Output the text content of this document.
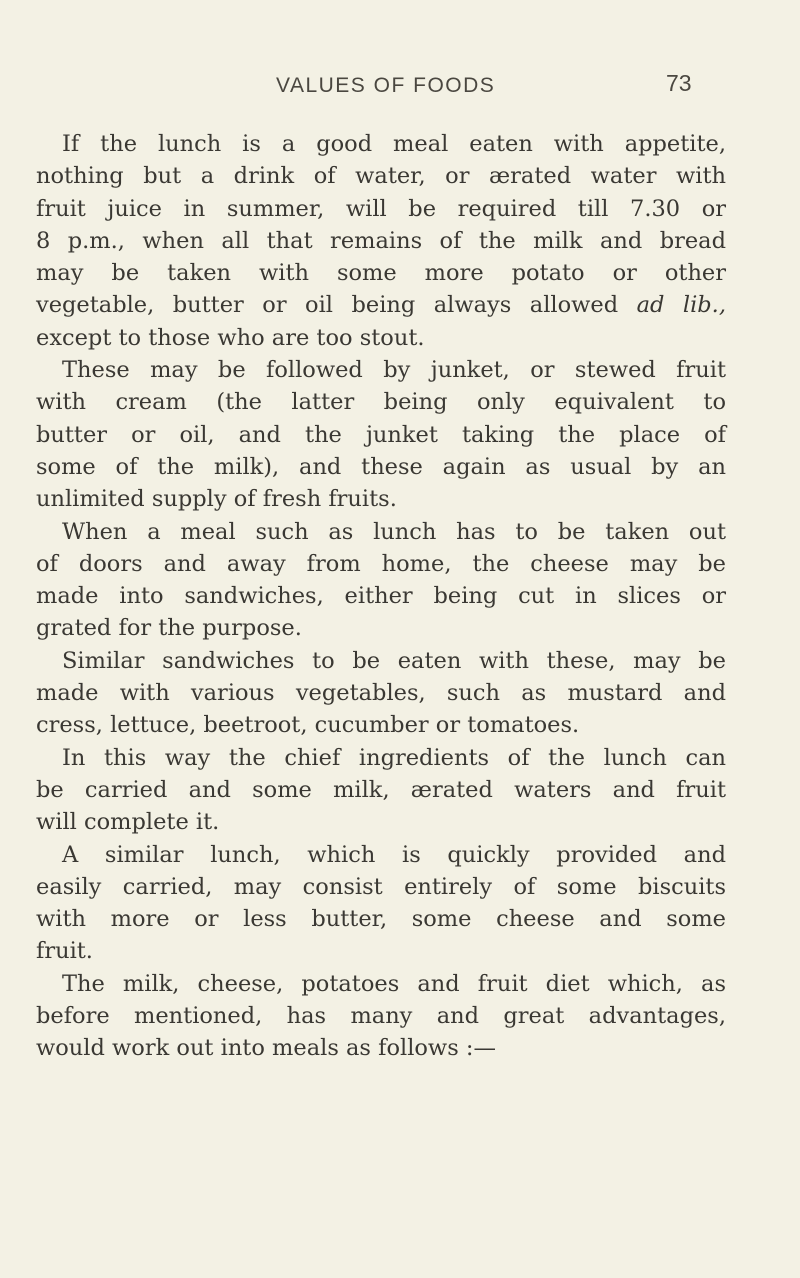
VALUES OF FOODS	73
If the lunch is a good meal eaten with appetite,
nothing but a drink of water, or ærated water with
fruit juice in summer, will be required till 7.30 or
8 p.m., when all that remains of the milk and bread
may be taken with some more potato or other
vegetable, butter or oil being always allowed ad lib.,
except to those who are too stout.
These may be followed by junket, or stewed fruit
with cream (the latter being only equivalent to
butter or oil, and the junket taking the place of
some of the milk), and these again as usual by an
unlimited supply of fresh fruits.
When a meal such as lunch has to be taken out
of doors and away from home, the cheese may be
made into sandwiches, either being cut in slices or
grated for the purpose.
Similar sandwiches to be eaten with these, may be
made with various vegetables, such as mustard and
cress, lettuce, beetroot, cucumber or tomatoes.
In this way the chief ingredients of the lunch can
be carried and some milk, ærated waters and fruit
will complete it.
A similar lunch, which is quickly provided and
easily carried, may consist entirely of some biscuits
with more or less butter, some cheese and some
fruit.
The milk, cheese, potatoes and fruit diet which, as
before mentioned, has many and great advantages,
would work out into meals as follows :—
